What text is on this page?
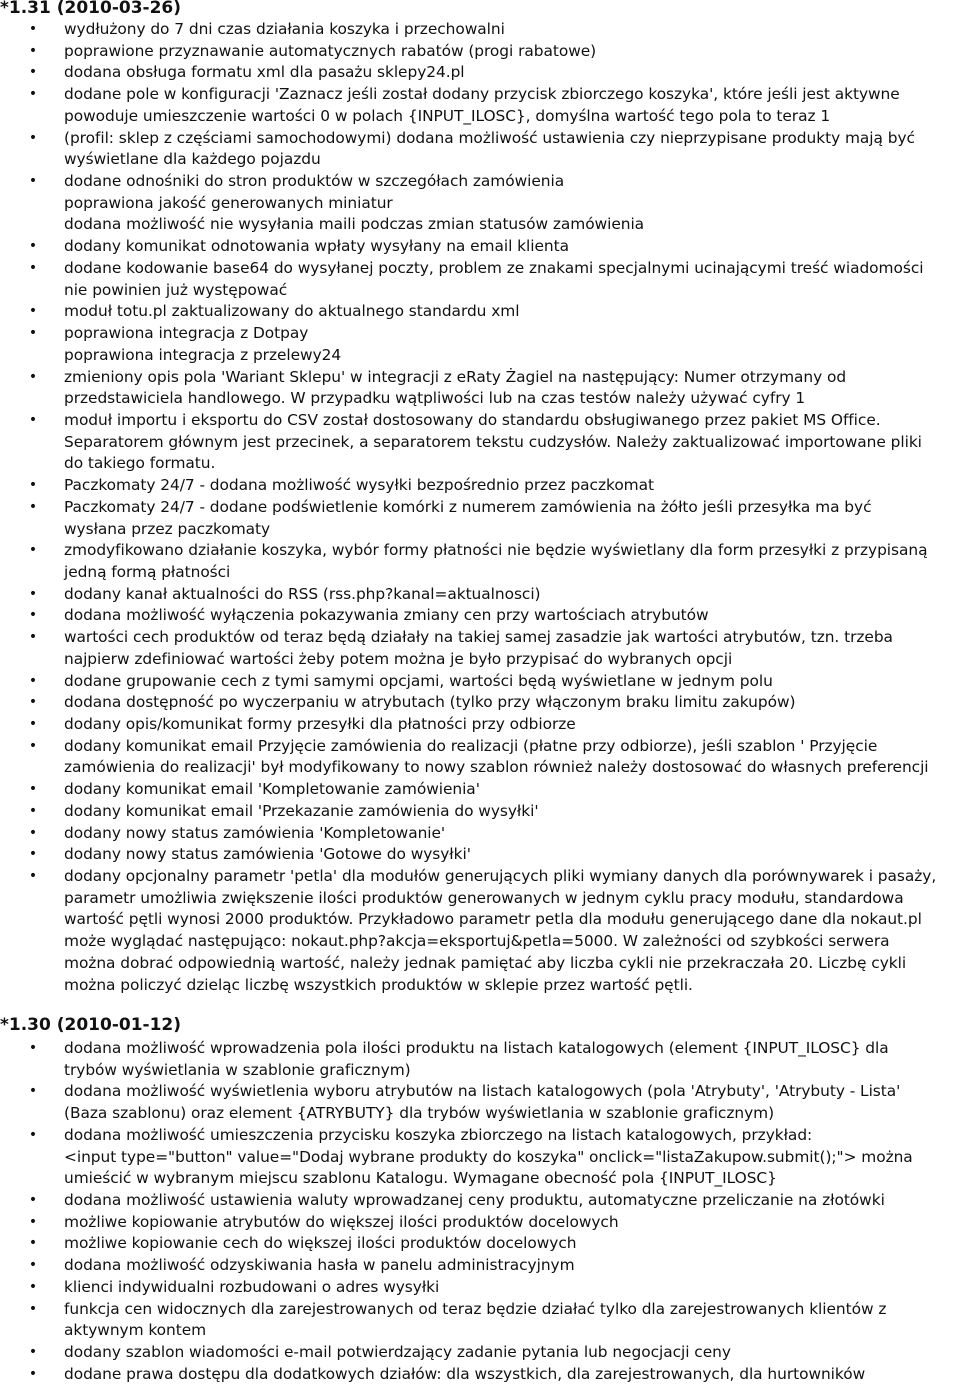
*1.31 (2010-03-26)
• wydłużony do 7 dni czas działania koszyka i przechowalni
• poprawione przyznawanie automatycznych rabatów (progi rabatowe)
• dodana obsługa formatu xml dla pasażu sklepy24.pl
• dodane pole w konfiguracji 'Zaznacz jeśli został dodany przycisk zbiorczego koszyka', które jeśli jest aktywne
powoduje umieszczenie wartości 0 w polach {INPUT_ILOSC}, domyślna wartość tego pola to teraz 1
• (profil: sklep z częściami samochodowymi) dodana możliwość ustawienia czy nieprzypisane produkty mają być
wyświetlane dla każdego pojazdu
• dodane odnośniki do stron produktów w szczegółach zamówienia
poprawiona jakość generowanych miniatur
dodana możliwość nie wysyłania maili podczas zmian statusów zamówienia
• dodany komunikat odnotowania wpłaty wysyłany na email klienta
• dodane kodowanie base64 do wysyłanej poczty, problem ze znakami specjalnymi ucinającymi treść wiadomości
nie powinien już występować
• moduł totu.pl zaktualizowany do aktualnego standardu xml
• poprawiona integracja z Dotpay
poprawiona integracja z przelewy24
• zmieniony opis pola 'Wariant Sklepu' w integracji z eRaty Żagiel na następujący: Numer otrzymany od
przedstawiciela handlowego. W przypadku wątpliwości lub na czas testów należy używać cyfry 1
• moduł importu i eksportu do CSV został dostosowany do standardu obsługiwanego przez pakiet MS Office.
Separatorem głównym jest przecinek, a separatorem tekstu cudzysłów. Należy zaktualizować importowane pliki
do takiego formatu.
• Paczkomaty 24/7 - dodana możliwość wysyłki bezpośrednio przez paczkomat
• Paczkomaty 24/7 - dodane podświetlenie komórki z numerem zamówienia na żółto jeśli przesyłka ma być
wysłana przez paczkomaty
• zmodyfikowano działanie koszyka, wybór formy płatności nie będzie wyświetlany dla form przesyłki z przypisaną
jedną formą płatności
• dodany kanał aktualności do RSS (rss.php?kanal=aktualnosci)
• dodana możliwość wyłączenia pokazywania zmiany cen przy wartościach atrybutów
• wartości cech produktów od teraz będą działały na takiej samej zasadzie jak wartości atrybutów, tzn. trzeba
najpierw zdefiniować wartości żeby potem można je było przypisać do wybranych opcji
• dodane grupowanie cech z tymi samymi opcjami, wartości będą wyświetlane w jednym polu
• dodana dostępność po wyczerpaniu w atrybutach (tylko przy włączonym braku limitu zakupów)
• dodany opis/komunikat formy przesyłki dla płatności przy odbiorze
• dodany komunikat email Przyjęcie zamówienia do realizacji (płatne przy odbiorze), jeśli szablon ' Przyjęcie
zamówienia do realizacji' był modyfikowany to nowy szablon również należy dostosować do własnych preferencji
• dodany komunikat email 'Kompletowanie zamówienia'
• dodany komunikat email 'Przekazanie zamówienia do wysyłki'
• dodany nowy status zamówienia 'Kompletowanie'
• dodany nowy status zamówienia 'Gotowe do wysyłki'
• dodany opcjonalny parametr 'petla' dla modułów generujących pliki wymiany danych dla porównywarek i pasaży,
parametr umożliwia zwiększenie ilości produktów generowanych w jednym cyklu pracy modułu, standardowa
wartość pętli wynosi 2000 produktów. Przykładowo parametr petla dla modułu generującego dane dla nokaut.pl
może wyglądać następująco: nokaut.php?akcja=eksportuj&petla=5000. W zależności od szybkości serwera
można dobrać odpowiednią wartość, należy jednak pamiętać aby liczba cykli nie przekraczała 20. Liczbę cykli
można policzyć dzieląc liczbę wszystkich produktów w sklepie przez wartość pętli.
*1.30 (2010-01-12)
• dodana możliwość wprowadzenia pola ilości produktu na listach katalogowych (element {INPUT_ILOSC} dla
trybów wyświetlania w szablonie graficznym)
• dodana możliwość wyświetlenia wyboru atrybutów na listach katalogowych (pola 'Atrybuty', 'Atrybuty - Lista'
(Baza szablonu) oraz element {ATRYBUTY} dla trybów wyświetlania w szablonie graficznym)
• dodana możliwość umieszczenia przycisku koszyka zbiorczego na listach katalogowych, przykład:
<input type="button" value="Dodaj wybrane produkty do koszyka" onclick="listaZakupow.submit();"> można
umieścić w wybranym miejscu szablonu Katalogu. Wymagane obecność pola {INPUT_ILOSC}
• dodana możliwość ustawienia waluty wprowadzanej ceny produktu, automatyczne przeliczanie na złotówki
• możliwe kopiowanie atrybutów do większej ilości produktów docelowych
• możliwe kopiowanie cech do większej ilości produktów docelowych
• dodana możliwość odzyskiwania hasła w panelu administracyjnym
• klienci indywidualni rozbudowani o adres wysyłki
• funkcja cen widocznych dla zarejestrowanych od teraz będzie działać tylko dla zarejestrowanych klientów z
aktywnym kontem
• dodany szablon wiadomości e-mail potwierdzający zadanie pytania lub negocjacji ceny
• dodane prawa dostępu dla dodatkowych działów: dla wszystkich, dla zarejestrowanych, dla hurtowników
